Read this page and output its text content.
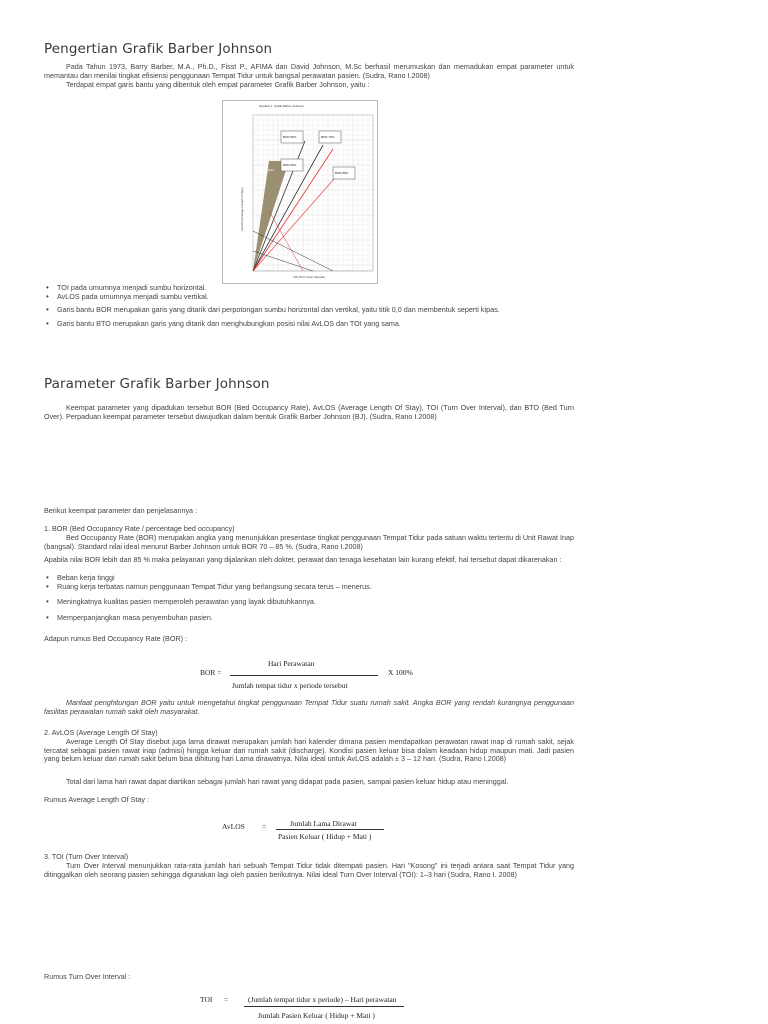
Pengertian Grafik Barber Johnson

Pada Tahun 1973, Barry Barber, M.A., Ph.D., Fisst P., AFIMA dan David Johnson, M.Sc berhasil merumuskan dan memadukan empat parameter untuk memantau dan menilai tingkat efisiensi penggunaan Tempat Tidur untuk bangsal perawatan pasien. (Sudra, Rano I.2008)

Terdapat empat garis bantu yang dibentuk oleh empat parameter Grafik Barber Johnson, yaitu :

Gambar 1. Grafik Barber Johnson
BOR 50%	BOR 70%
BOR 85%
BOR 90%
Daerah Efisien
TOI (Turn Over Interval)
AvLOS (Average Length of Stay)
• TOI pada umumnya menjadi sumbu horizontal.
• AvLOS pada umumnya menjadi sumbu vertikal.
• Garis bantu BOR merupakan garis yang ditarik dari perpotongan sumbu horizontal dan vertikal, yaitu titik 0,0 dan membentuk seperti kipas.
• Garis bantu BTO merupakan garis yang ditarik dan menghubungkan posisi nilai AvLOS dan TOI yang sama.
Parameter Grafik Barber Johnson

Keempat parameter yang dipadukan tersebut BOR (Bed Occupancy Rate), AvLOS (Average Length Of Stay), TOI (Turn Over Interval), dan BTO (Bed Turn Over). Perpaduan keempat parameter tersebut diwujudkan dalam bentuk Grafik Barber Johnson (BJ). (Sudra, Rano I.2008)

Berikut keempat parameter dan penjelasannya :

1. BOR (Bed Occupancy Rate / percentage bed occupancy)

Bed Occupancy Rate (BOR) merupakan angka yang menunjukkan presentase tingkat penggunaan Tempat Tidur pada satuan waktu tertentu di Unit Rawat Inap (bangsal). Standard nilai ideal menurut Barber Johnson untuk BOR 70 – 85 %. (Sudra, Rano I.2008)

Apabila nilai BOR lebih dari 85 % maka pelayanan yang dijalankan oleh dokter, perawat dan tenaga kesehatan lain kurang efektif, hal tersebut dapat dikarenakan :

• Beban kerja tinggi
• Ruang kerja terbatas namun penggunaan Tempat Tidur yang berlangsung secara terus – menerus.
• Meningkatnya kualitas pasien memperoleh perawatan yang layak dibutuhkannya.
• Memperpanjangkan masa penyembuhan pasien.

Adapun rumus Bed Occupancy Rate (BOR) :

BOR =
Hari Perawatan
Jumlah tempat tidur x periode tersebut
X 100%

Manfaat penghitungan BOR yaitu untuk mengetahui tingkat penggunaan Tempat Tidur suatu rumah sakit. Angka BOR yang rendah kurangnya penggunaan fasilitas perawatan rumah sakit oleh masyarakat.

2. AvLOS (Average Length Of Stay)

Average Length Of Stay disebut juga lama dirawat merupakan jumlah hari kalender dimana pasien mendapatkan perawatan rawat inap di rumah sakit, sejak tercatat sebagai pasien rawat inap (admisi) hingga keluar dari rumah sakit (discharge). Kondisi pasien keluar bisa dalam keadaan hidup maupun mati. Jadi pasien yang belum keluar dari rumah sakit belum bisa dihitung hari Lama dirawatnya. Nilai ideal untuk AvLOS adalah ± 3 – 12 hari. (Sudra, Rano I.2008)

Total dari lama hari rawat dapat diartikan sebagai jumlah hari rawat yang didapat pada pasien, sampai pasien keluar hidup atau meninggal.

Rumus Average Length Of Stay :

AvLOS =	Jumlah Lama Dirawat
Pasien Keluar ( Hidup + Mati )

3. TOI (Turn Over Interval)

Turn Over Interval menunjukkan rata-rata jumlah hari sebuah Tempat Tidur tidak ditempati pasien. Hari "Kosong" ini terjadi antara saat Tempat Tidur yang ditinggalkan oleh seorang pasien sehingga digunakan lagi oleh pasien berikutnya. Nilai ideal Turn Over Interval (TOI): 1–3 hari (Sudra, Rano I. 2008)

Rumus Turn Over Interval :

TOI =	(Jumlah tempat tidur x periode) – Hari perawatan
Jumlah Pasien Keluar ( Hidup + Mati )
